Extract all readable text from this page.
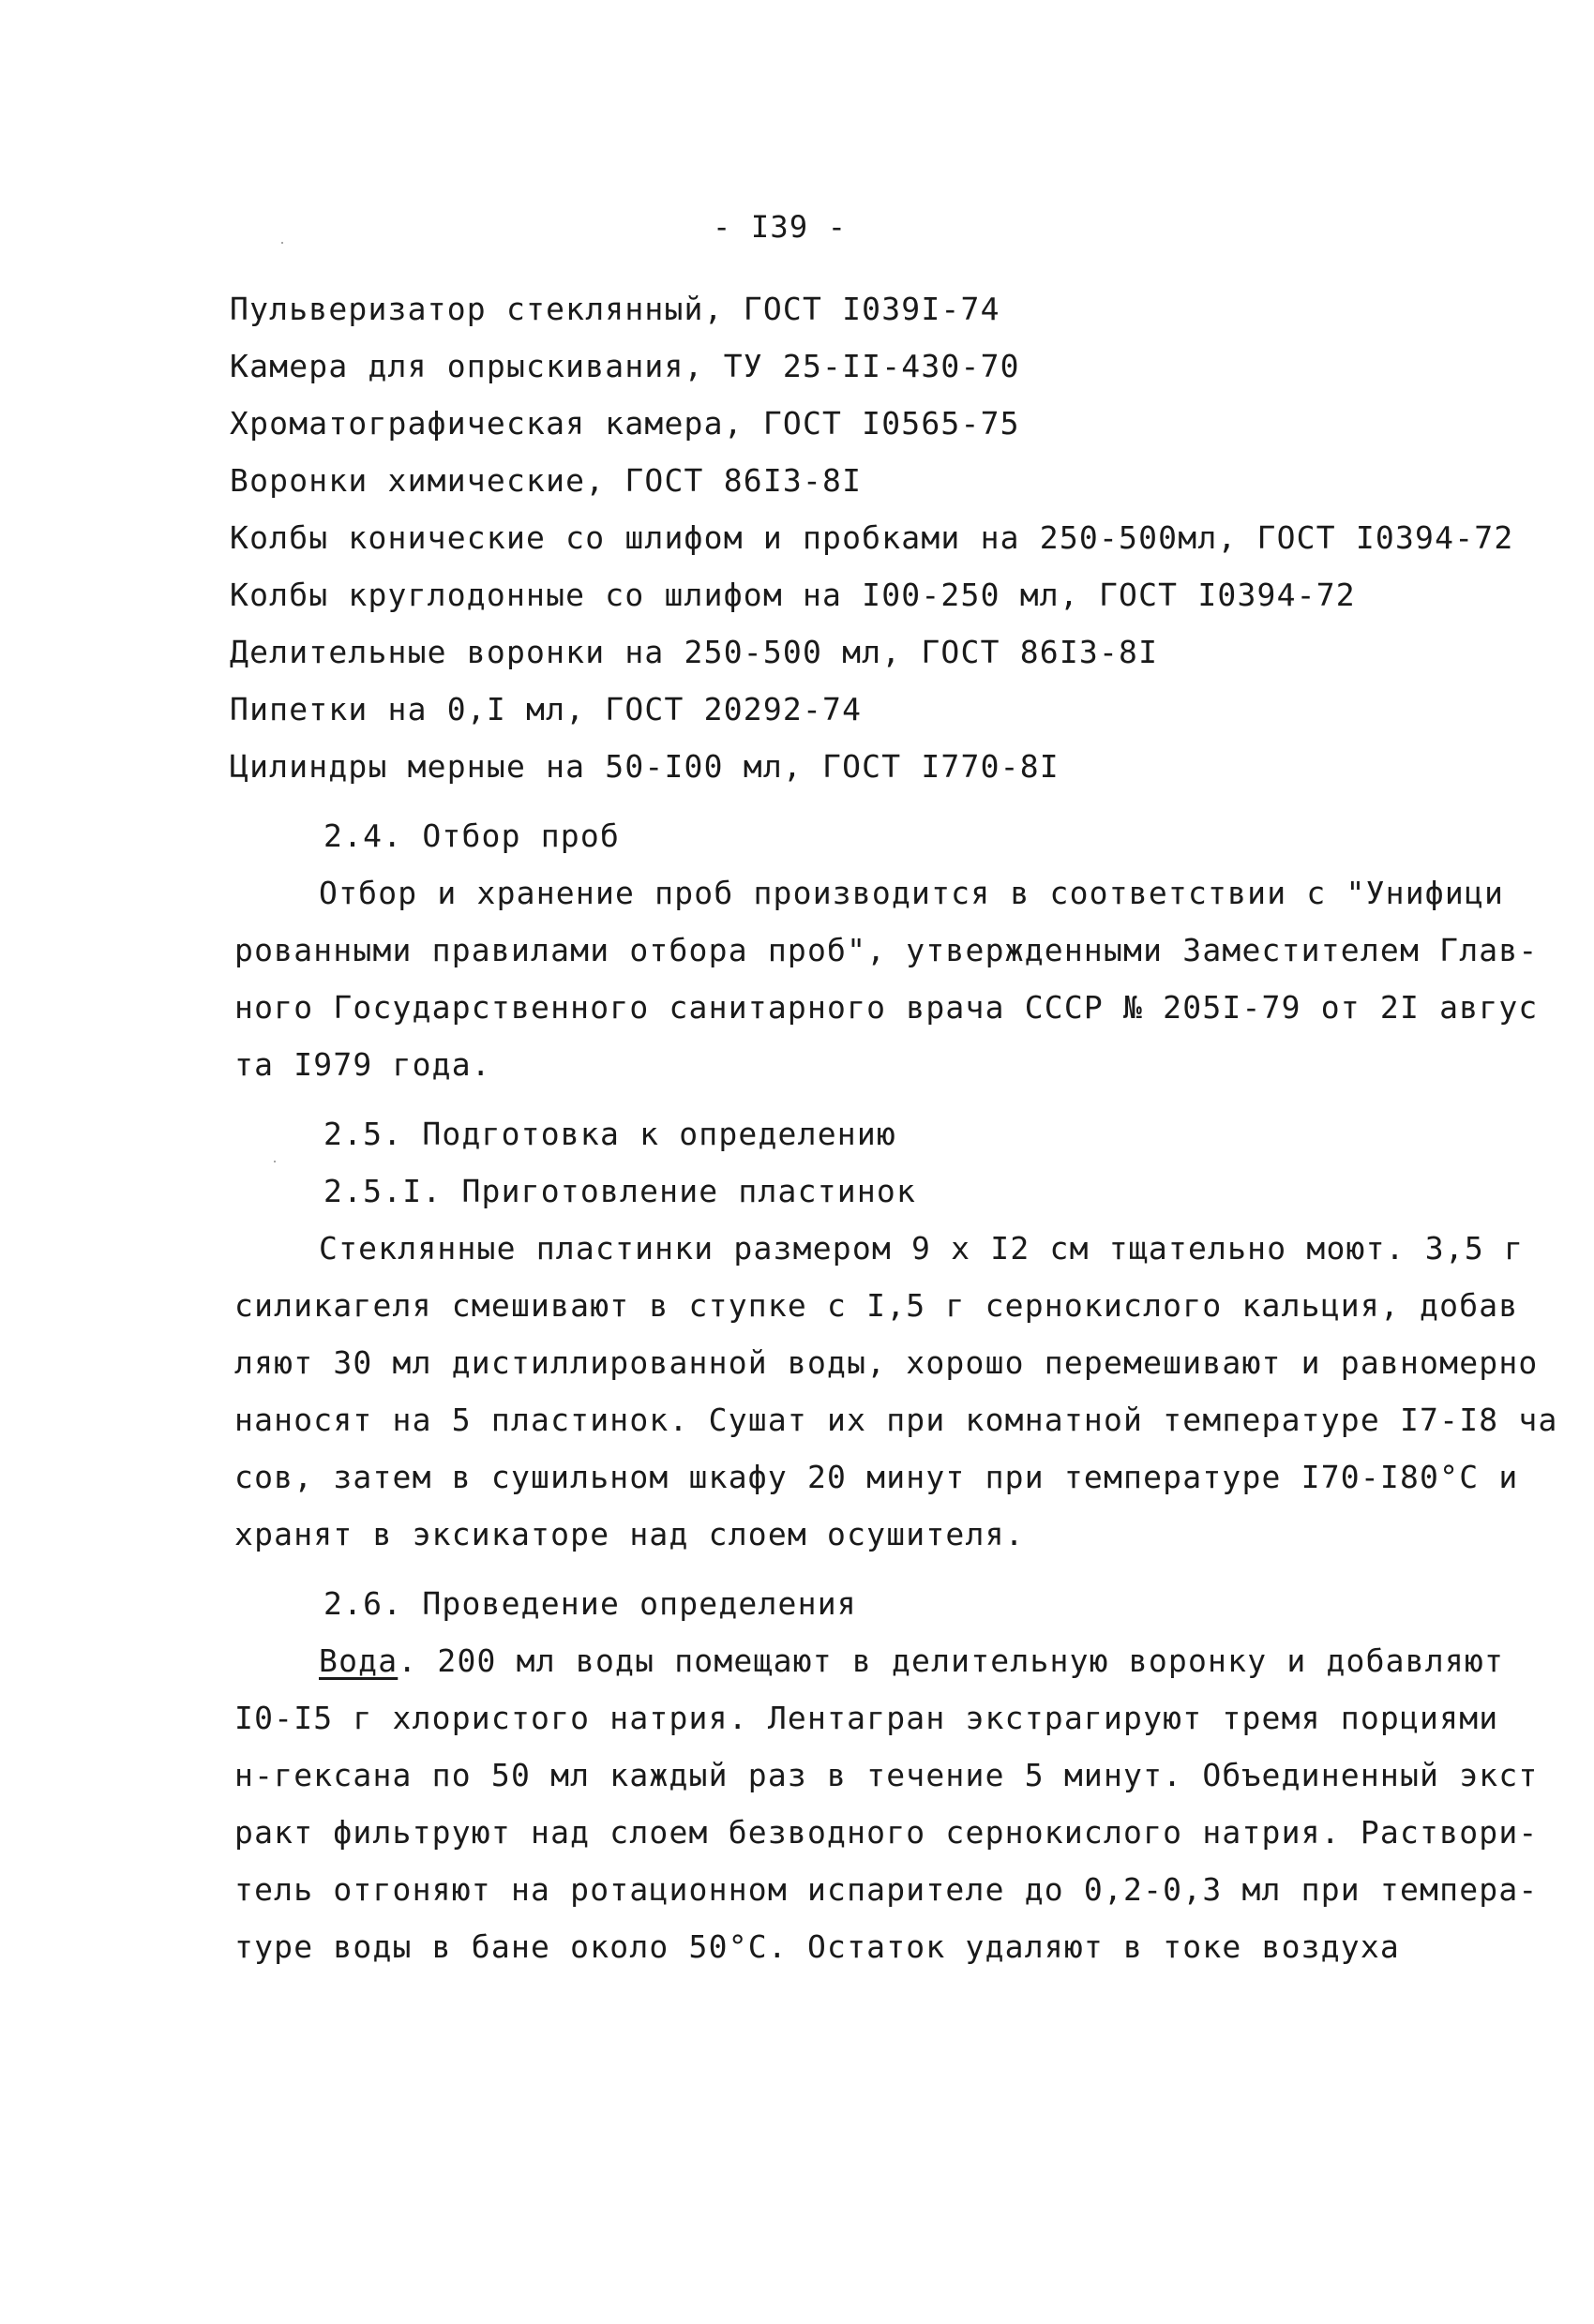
- I39 -
Пульверизатор стеклянный, ГОСТ I039I-74
Камера для опрыскивания, ТУ 25-II-430-70
Хроматографическая камера, ГОСТ I0565-75
Воронки химические, ГОСТ 86I3-8I
Колбы конические со шлифом и пробками на 250-500мл, ГОСТ I0394-72
Колбы круглодонные со шлифом на I00-250 мл, ГОСТ I0394-72
Делительные воронки на 250-500 мл, ГОСТ 86I3-8I
Пипетки на 0,I мл, ГОСТ 20292-74
Цилиндры мерные на 50-I00 мл, ГОСТ I770-8I
2.4. Отбор проб
Отбор и хранение проб производится в соответствии с "Унифици
рованными правилами отбора проб", утвержденными Заместителем Глав-
ного Государственного санитарного врача СССР № 205I-79 от 2I авгус
та I979 года.
2.5. Подготовка к определению
2.5.I. Приготовление пластинок
Стеклянные пластинки размером 9 х I2 см тщательно моют. 3,5 г
силикагеля смешивают в ступке с I,5 г сернокислого кальция, добав
ляют 30 мл дистиллированной воды, хорошо перемешивают и равномерно
наносят на 5 пластинок. Сушат их при комнатной температуре I7-I8 ча
сов, затем в сушильном шкафу 20 минут при температуре I70-I80°С и
хранят в эксикаторе над слоем осушителя.
2.6. Проведение определения
Вода. 200 мл воды помещают в делительную воронку и добавляют
I0-I5 г хлористого натрия. Лентагран экстрагируют тремя порциями
н-гексана по 50 мл каждый раз в течение 5 минут. Объединенный экст
ракт фильтруют над слоем безводного сернокислого натрия. Раствори-
тель отгоняют на ротационном испарителе до 0,2-0,3 мл при темпера-
туре воды в бане около 50°С. Остаток удаляют в токе воздуха
